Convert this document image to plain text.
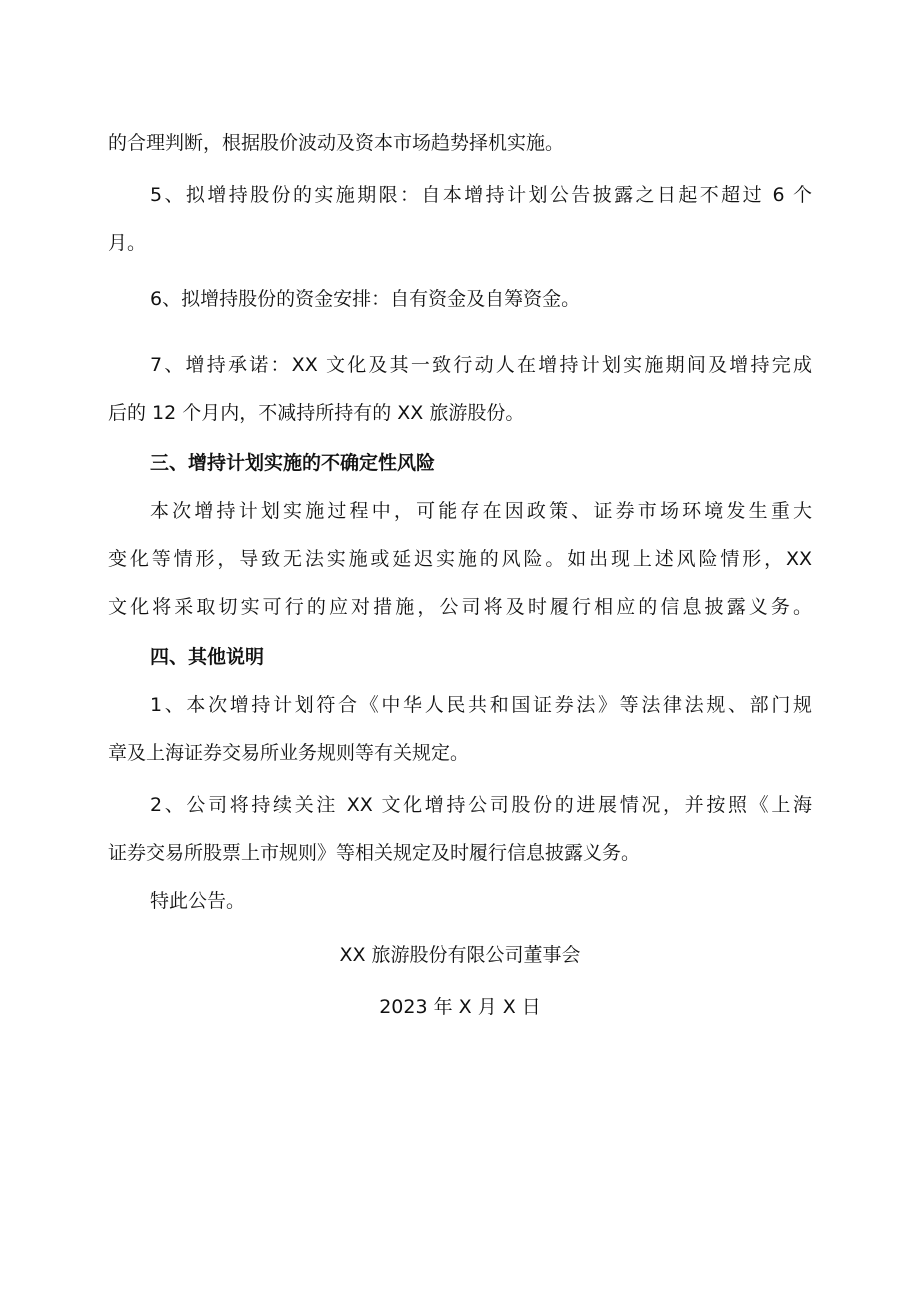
的合理判断，根据股价波动及资本市场趋势择机实施。

5、拟增持股份的实施期限：自本增持计划公告披露之日起不超过 6 个

月。

6、拟增持股份的资金安排：自有资金及自筹资金。

7、增持承诺：XX 文化及其一致行动人在增持计划实施期间及增持完成

后的 12 个月内，不减持所持有的 XX 旅游股份。

三、增持计划实施的不确定性风险

本次增持计划实施过程中，可能存在因政策、证券市场环境发生重大

变化等情形，导致无法实施或延迟实施的风险。如出现上述风险情形，XX

文化将采取切实可行的应对措施，公司将及时履行相应的信息披露义务。

四、其他说明

1、本次增持计划符合《中华人民共和国证券法》等法律法规、部门规

章及上海证券交易所业务规则等有关规定。

2、公司将持续关注 XX 文化增持公司股份的进展情况，并按照《上海

证券交易所股票上市规则》等相关规定及时履行信息披露义务。

特此公告。

XX 旅游股份有限公司董事会

2023 年 X 月 X 日
